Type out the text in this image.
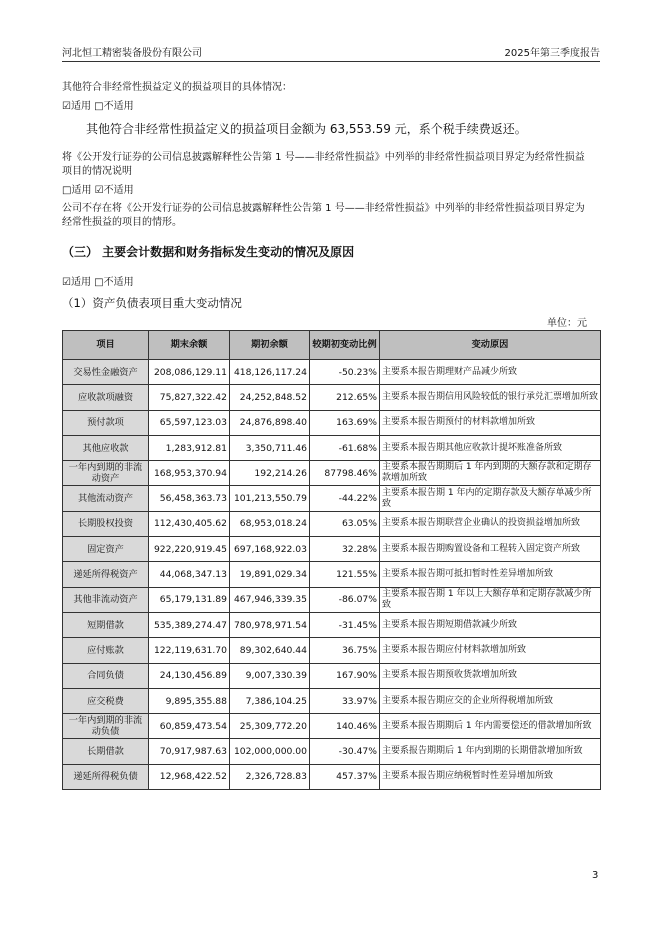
河北恒工精密装备股份有限公司	2025年第三季度报告
其他符合非经常性损益定义的损益项目的具体情况：
☑适用 □不适用
其他符合非经常性损益定义的损益项目金额为 63,553.59 元，系个税手续费返还。
将《公开发行证券的公司信息披露解释性公告第 1 号——非经常性损益》中列举的非经常性损益项目界定为经常性损益
项目的情况说明
□适用 ☑不适用
公司不存在将《公开发行证券的公司信息披露解释性公告第 1 号——非经常性损益》中列举的非经常性损益项目界定为
经常性损益的项目的情形。
（三） 主要会计数据和财务指标发生变动的情况及原因
☑适用 □不适用
（1）资产负债表项目重大变动情况
单位：元
项目	期末余额	期初余额	较期初变动比例	变动原因
交易性金融资产	208,086,129.11	418,126,117.24	-50.23%	主要系本报告期理财产品减少所致
应收款项融资	75,827,322.42	24,252,848.52	212.65%	主要系本报告期信用风险较低的银行承兑汇票增加所致
预付款项	65,597,123.03	24,876,898.40	163.69%	主要系本报告期预付的材料款增加所致
其他应收款	1,283,912.81	3,350,711.46	-61.68%	主要系本报告期其他应收款计提坏账准备所致
一年内到期的非流动资产	168,953,370.94	192,214.26	87798.46%	主要系本报告期期后 1 年内到期的大额存款和定期存款增加所致
其他流动资产	56,458,363.73	101,213,550.79	-44.22%	主要系本报告期 1 年内的定期存款及大额存单减少所致
长期股权投资	112,430,405.62	68,953,018.24	63.05%	主要系本报告期联营企业确认的投资损益增加所致
固定资产	922,220,919.45	697,168,922.03	32.28%	主要系本报告期购置设备和工程转入固定资产所致
递延所得税资产	44,068,347.13	19,891,029.34	121.55%	主要系本报告期可抵扣暂时性差异增加所致
其他非流动资产	65,179,131.89	467,946,339.35	-86.07%	主要系本报告期 1 年以上大额存单和定期存款减少所致
短期借款	535,389,274.47	780,978,971.54	-31.45%	主要系本报告期短期借款减少所致
应付账款	122,119,631.70	89,302,640.44	36.75%	主要系本报告期应付材料款增加所致
合同负债	24,130,456.89	9,007,330.39	167.90%	主要系本报告期预收货款增加所致
应交税费	9,895,355.88	7,386,104.25	33.97%	主要系本报告期应交的企业所得税增加所致
一年内到期的非流动负债	60,859,473.54	25,309,772.20	140.46%	主要系本报告期期后 1 年内需要偿还的借款增加所致
长期借款	70,917,987.63	102,000,000.00	-30.47%	主要系报告期期后 1 年内到期的长期借款增加所致
递延所得税负债	12,968,422.52	2,326,728.83	457.37%	主要系本报告期应纳税暂时性差异增加所致
3
